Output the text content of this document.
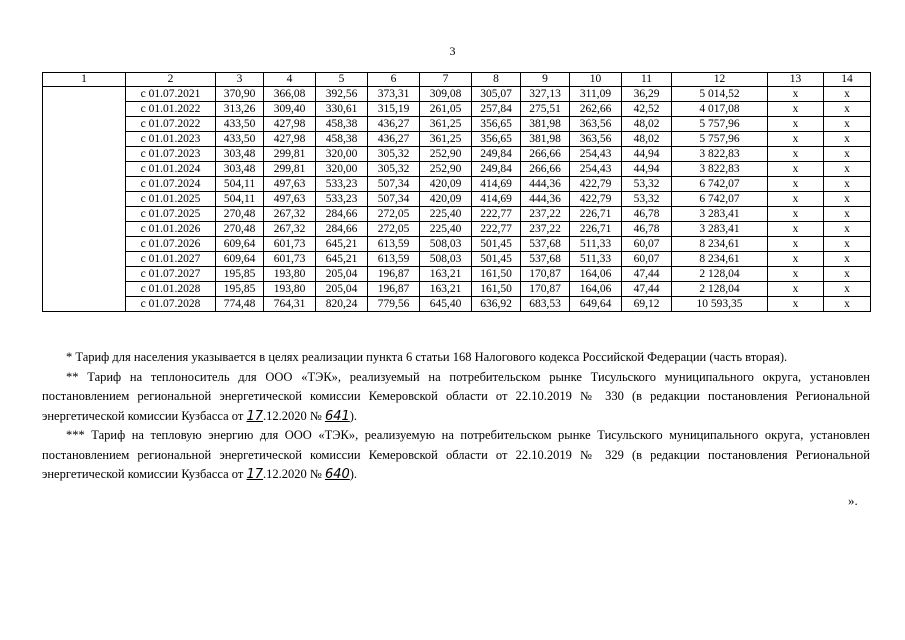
3
1	2	3	4	5	6	7	8	9	10	11	12	13	14
	с 01.07.2021	370,90	366,08	392,56	373,31	309,08	305,07	327,13	311,09	36,29	5 014,52	х	х
	с 01.01.2022	313,26	309,40	330,61	315,19	261,05	257,84	275,51	262,66	42,52	4 017,08	х	х
	с 01.07.2022	433,50	427,98	458,38	436,27	361,25	356,65	381,98	363,56	48,02	5 757,96	х	х
	с 01.01.2023	433,50	427,98	458,38	436,27	361,25	356,65	381,98	363,56	48,02	5 757,96	х	х
	с 01.07.2023	303,48	299,81	320,00	305,32	252,90	249,84	266,66	254,43	44,94	3 822,83	х	х
	с 01.01.2024	303,48	299,81	320,00	305,32	252,90	249,84	266,66	254,43	44,94	3 822,83	х	х
	с 01.07.2024	504,11	497,63	533,23	507,34	420,09	414,69	444,36	422,79	53,32	6 742,07	х	х
	с 01.01.2025	504,11	497,63	533,23	507,34	420,09	414,69	444,36	422,79	53,32	6 742,07	х	х
	с 01.07.2025	270,48	267,32	284,66	272,05	225,40	222,77	237,22	226,71	46,78	3 283,41	х	х
	с 01.01.2026	270,48	267,32	284,66	272,05	225,40	222,77	237,22	226,71	46,78	3 283,41	х	х
	с 01.07.2026	609,64	601,73	645,21	613,59	508,03	501,45	537,68	511,33	60,07	8 234,61	х	х
	с 01.01.2027	609,64	601,73	645,21	613,59	508,03	501,45	537,68	511,33	60,07	8 234,61	х	х
	с 01.07.2027	195,85	193,80	205,04	196,87	163,21	161,50	170,87	164,06	47,44	2 128,04	х	х
	с 01.01.2028	195,85	193,80	205,04	196,87	163,21	161,50	170,87	164,06	47,44	2 128,04	х	х
	с 01.07.2028	774,48	764,31	820,24	779,56	645,40	636,92	683,53	649,64	69,12	10 593,35	х	х

* Тариф для населения указывается в целях реализации пункта 6 статьи 168 Налогового кодекса Российской Федерации (часть вторая).

** Тариф на теплоноситель для ООО «ТЭК», реализуемый на потребительском рынке Тисульского муниципального округа, установлен постановлением региональной энергетической комиссии Кемеровской области от 22.10.2019 № 330 (в редакции постановления Региональной энергетической комиссии Кузбасса от 17.12.2020 № 641).

*** Тариф на тепловую энергию для ООО «ТЭК», реализуемую на потребительском рынке Тисульского муниципального округа, установлен постановлением региональной энергетической комиссии Кемеровской области от 22.10.2019 № 329 (в редакции постановления Региональной энергетической комиссии Кузбасса от 17.12.2020 № 640).

».
